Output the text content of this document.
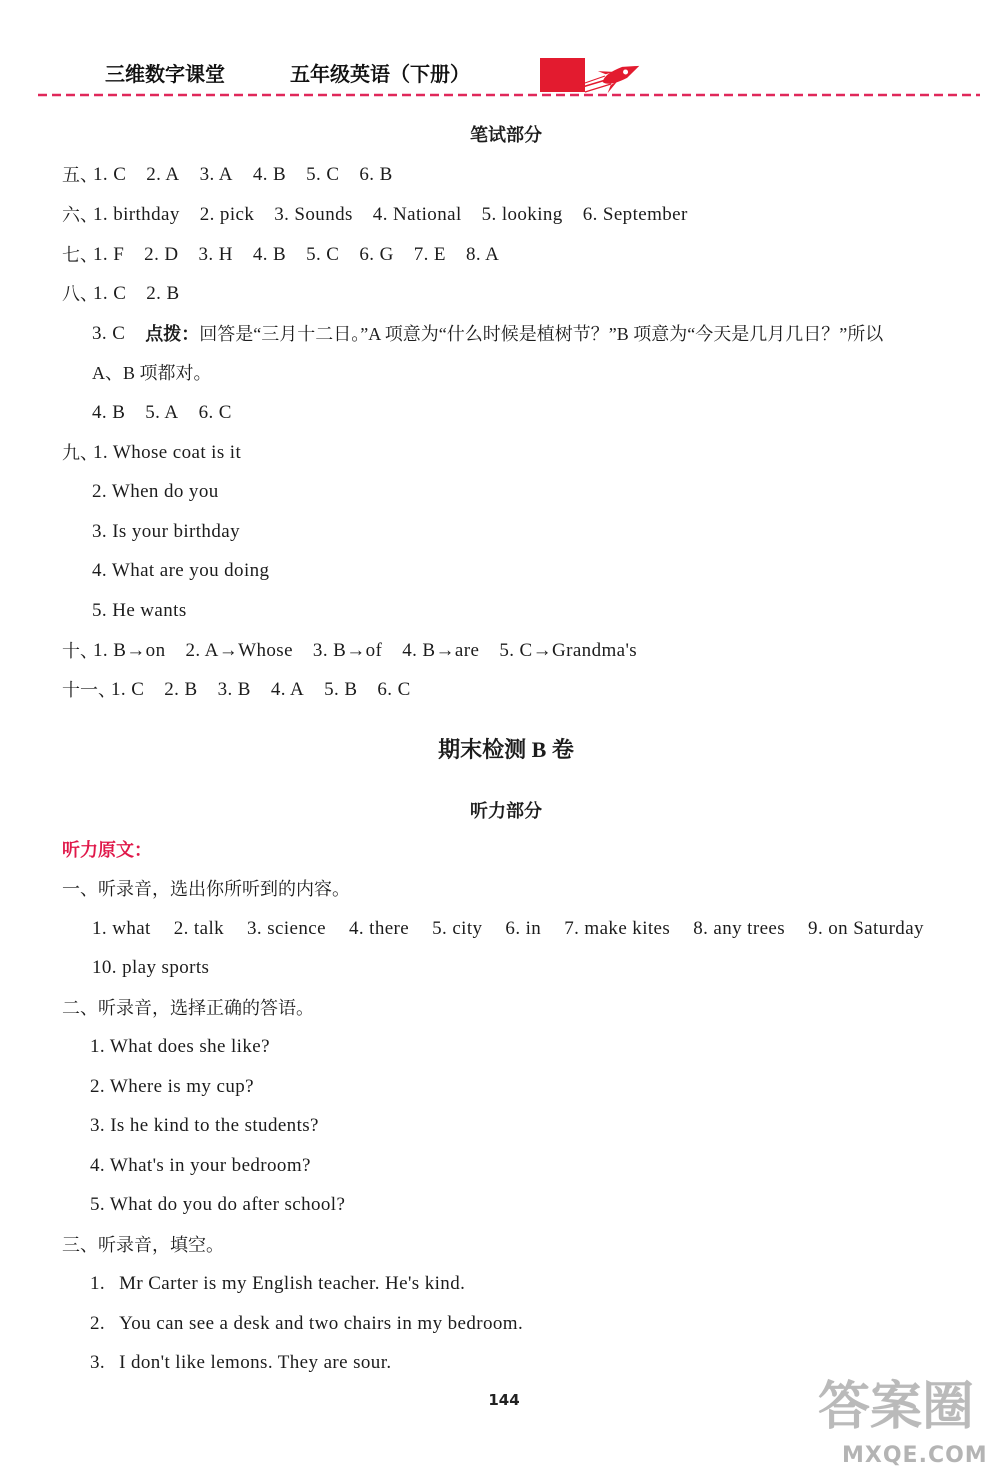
三维数字课堂	五年级英语（下册）
笔试部分
五、
1. C 2. A 3. A 4. B 5. C 6. B
六、
1. birthday 2. pick 3. Sounds 4. National 5. looking 6. September
七、
1. F 2. D 3. H 4. B 5. C 6. G 7. E 8. A
八、
1. C 2. B
3. C 点拨： 回答是“三月十二日。”A 项意为“什么时候是植树节？”B 项意为“今天是几月几日？”所以
A、B 项都对。
4. B 5. A 6. C
九、
1. Whose coat is it
2. When do you
3. Is your birthday
4. What are you doing
5. He wants
十、
1. B→on 2. A→Whose 3. B→of 4. B→are 5. C→Grandma's
十一、
1. C 2. B 3. B 4. A 5. B 6. C
期末检测 B 卷
听力部分
听力原文：
一、听录音，选出你所听到的内容。
1. what 2. talk 3. science 4. there 5. city 6. in 7. make kites 8. any trees 9. on Saturday
10. play sports
二、听录音，选择正确的答语。
1. What does she like?
2. Where is my cup?
3. Is he kind to the students?
4. What's in your bedroom?
5. What do you do after school?
三、听录音，填空。
1. Mr Carter is my English teacher. He's kind.
2. You can see a desk and two chairs in my bedroom.
3. I don't like lemons. They are sour.
144	答案圈
MXQE.COM
